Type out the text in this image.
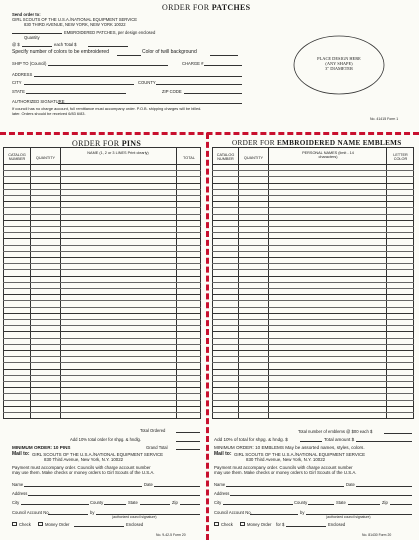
ORDER FOR PATCHES
Send order to:
GIRL SCOUTS OF THE U.S.A./NATIONAL EQUIPMENT SERVICE
830 THIRD AVENUE, NEW YORK, NEW YORK 10022
EMBROIDERED PATCHES, per design enclosed
Quantity
@ $	each Total $
Specify number of colors to be embroidered	Color of twill background
SHIP TO (Council)	CHARGE #
ADDRESS
CITY	COUNTY
STATE	ZIP CODE
AUTHORIZED SIGNATURE
If council has no charge account, full remittance must accompany order. P.O.B. shipping charges will be billed.
later. Orders should be received 6/83 6/83.
PLACE DESIGN HERE
(ANY SHAPE)
3" DIAMETER
No. 41415 Form 1
ORDER FOR PINS
CATALOG NUMBER	QUANTITY
NAME (1, 2 or 3 LINES Print clearly)
TOTAL
Total Ordered
Add 10% total order for shpg. & hndlg.
MINIMUM ORDER: 10 PINS	Grand Total
Mail to: GIRL SCOUTS OF THE U.S.A./NATIONAL EQUIPMENT SERVICE
830 Third Avenue, New York, N.Y. 10022
Payment must accompany order. Councils with charge account number
may use them. Make checks or money orders to Girl Scouts of the U.S.A.
Name	Date
Address
City	County	State	Zip
Council Account No.	by
(authorized council signature)
Check	Money Order	Enclosed
No. 9-42-5 Form 20
ORDER FOR EMBROIDERED NAME EMBLEMS
CATALOG NUMBER	QUANTITY
PERSONAL NAMES (limit - 14 characters)
LETTER COLOR
Total number of emblems @ $00 each $
Add 10% of total for shpg. & hndg. $	Total amount $
MINIMUM ORDER: 10 EMBLEMS May be assorted names, styles, colors.
Mail to: GIRL SCOUTS OF THE U.S.A./NATIONAL EQUIPMENT SERVICE
830 Third Avenue, New York, N.Y. 10022
Payment must accompany order. Councils with charge account number
may use them. Make checks or money orders to Girl Scouts of the U.S.A.
Name	Date
Address
City	County	State	Zip
Council Account No.	by
(authorized council signature)
Check	Money Order for $	Enclosed
No. 81430 Form 20
